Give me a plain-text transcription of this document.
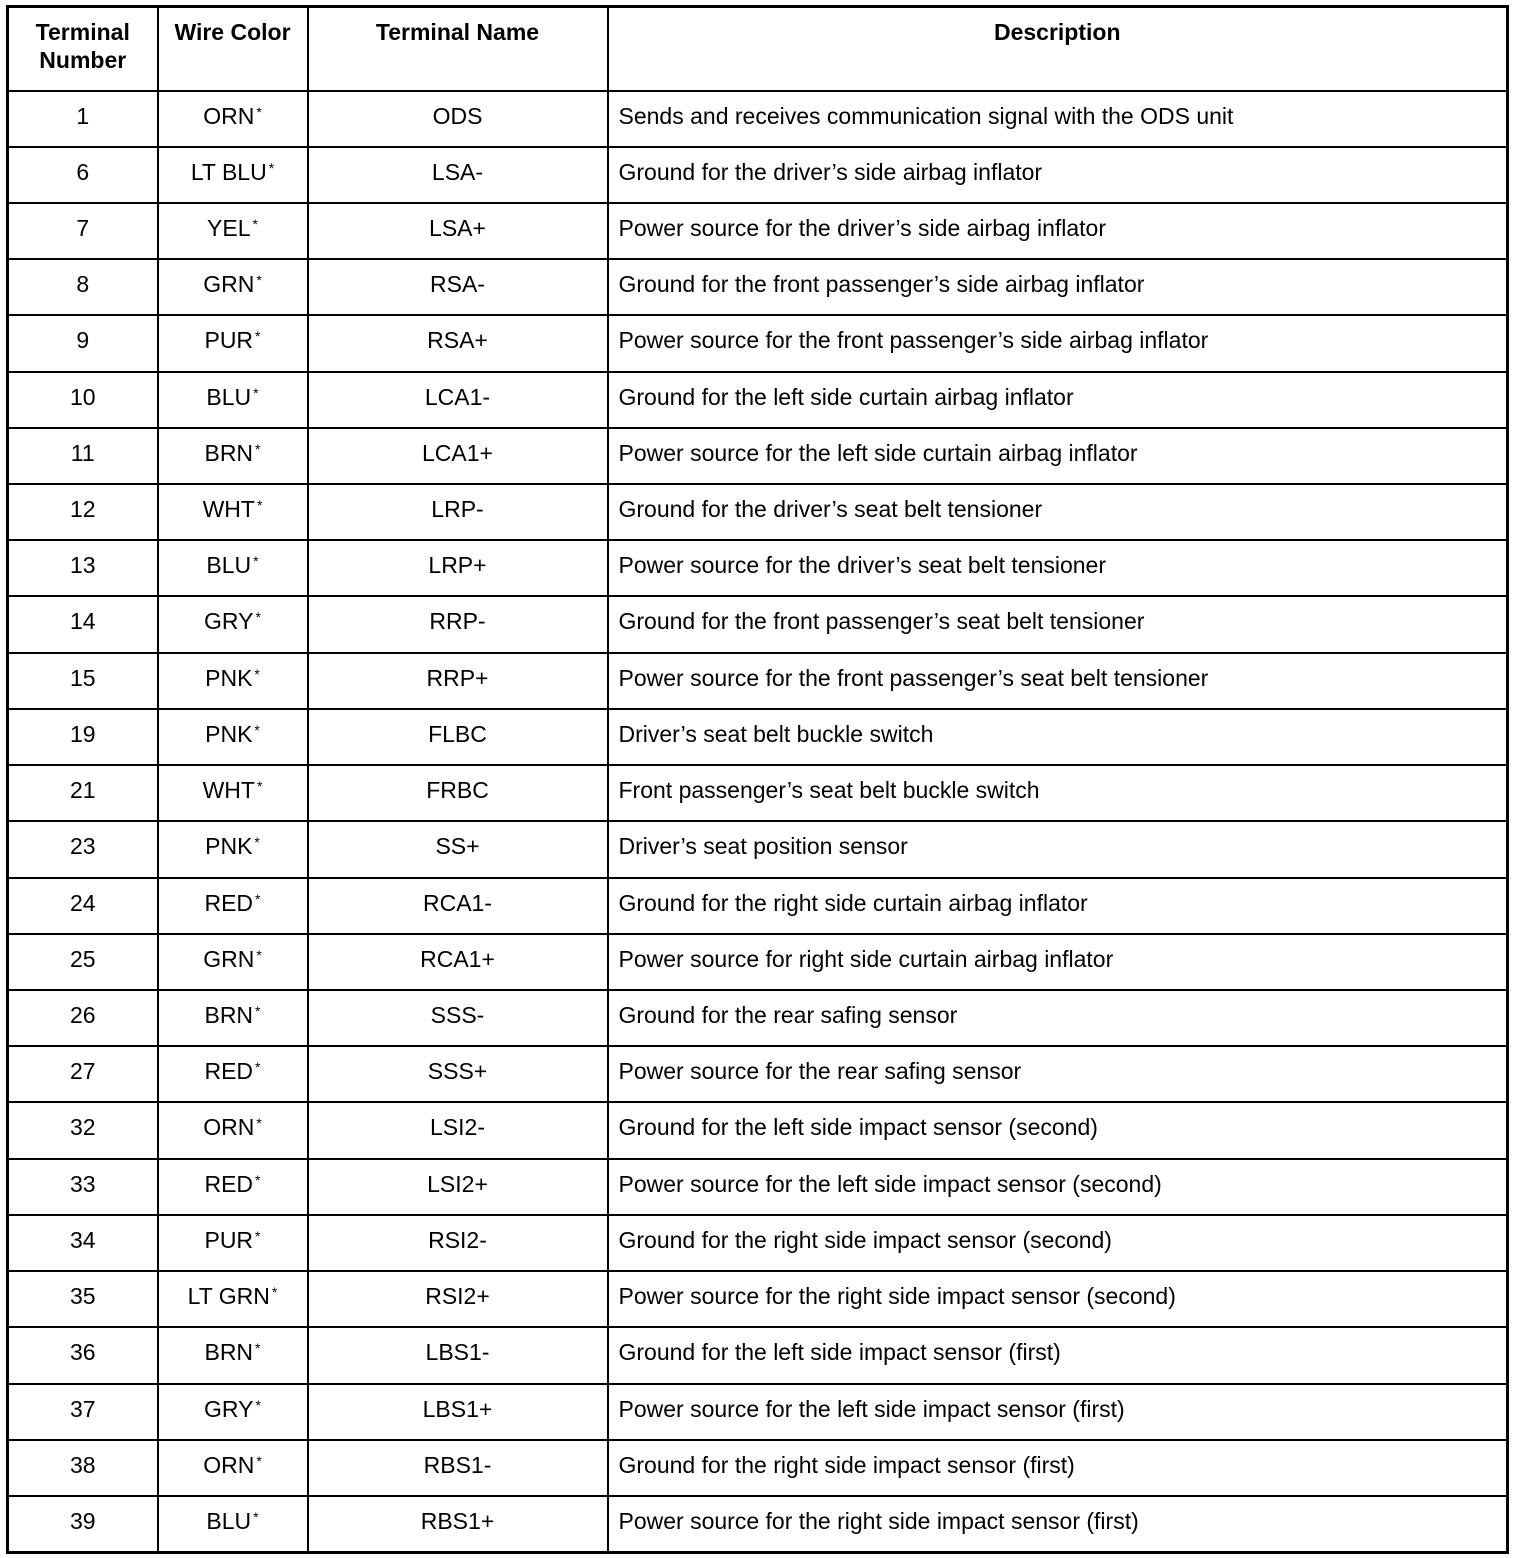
Terminal
Number	Wire Color	Terminal Name	Description
1	ORN *	ODS	Sends and receives communication signal with the ODS unit
6	LT BLU *	LSA-	Ground for the driver’s side airbag inflator
7	YEL *	LSA+	Power source for the driver’s side airbag inflator
8	GRN *	RSA-	Ground for the front passenger’s side airbag inflator
9	PUR *	RSA+	Power source for the front passenger’s side airbag inflator
10	BLU *	LCA1-	Ground for the left side curtain airbag inflator
11	BRN *	LCA1+	Power source for the left side curtain airbag inflator
12	WHT *	LRP-	Ground for the driver’s seat belt tensioner
13	BLU *	LRP+	Power source for the driver’s seat belt tensioner
14	GRY *	RRP-	Ground for the front passenger’s seat belt tensioner
15	PNK *	RRP+	Power source for the front passenger’s seat belt tensioner
19	PNK *	FLBC	Driver’s seat belt buckle switch
21	WHT *	FRBC	Front passenger’s seat belt buckle switch
23	PNK *	SS+	Driver’s seat position sensor
24	RED *	RCA1-	Ground for the right side curtain airbag inflator
25	GRN *	RCA1+	Power source for right side curtain airbag inflator
26	BRN *	SSS-	Ground for the rear safing sensor
27	RED *	SSS+	Power source for the rear safing sensor
32	ORN *	LSI2-	Ground for the left side impact sensor (second)
33	RED *	LSI2+	Power source for the left side impact sensor (second)
34	PUR *	RSI2-	Ground for the right side impact sensor (second)
35	LT GRN *	RSI2+	Power source for the right side impact sensor (second)
36	BRN *	LBS1-	Ground for the left side impact sensor (first)
37	GRY *	LBS1+	Power source for the left side impact sensor (first)
38	ORN *	RBS1-	Ground for the right side impact sensor (first)
39	BLU *	RBS1+	Power source for the right side impact sensor (first)
